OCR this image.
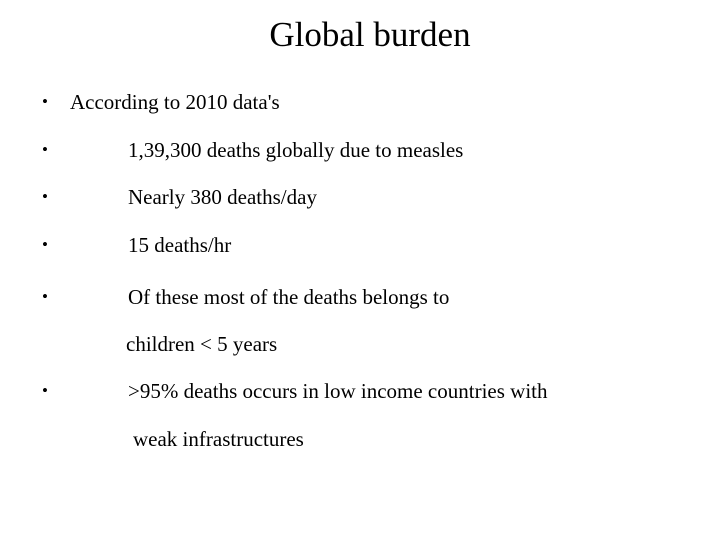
Global burden
• According to 2010 data's
•	1,39,300 deaths globally due to measles
•	Nearly 380 deaths/day
•	15 deaths/hr
•	Of these most of the deaths belongs to
children < 5 years
•	>95% deaths occurs in low income countries with
weak infrastructures
